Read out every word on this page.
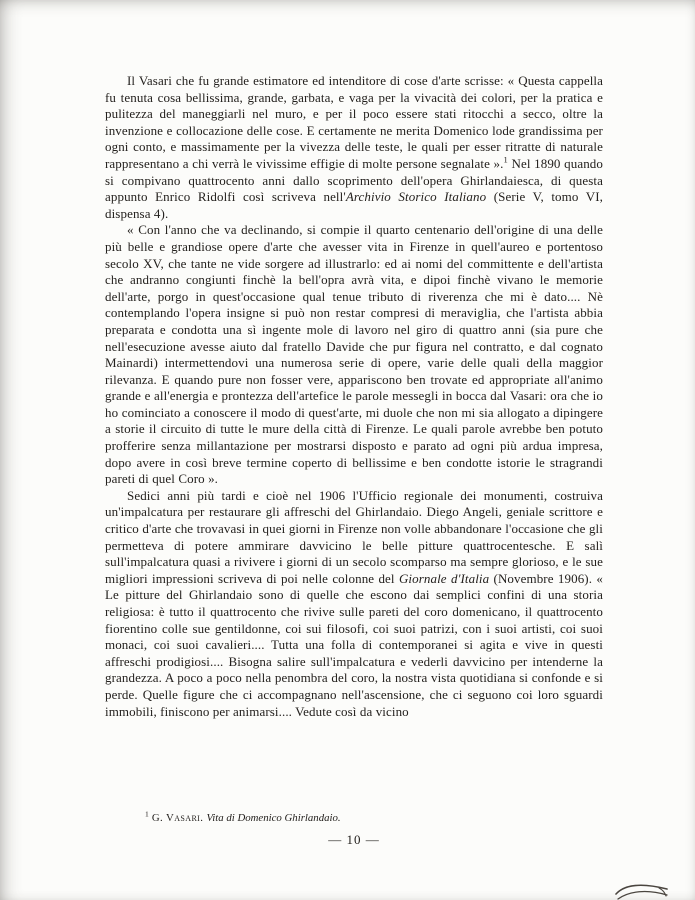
Il Vasari che fu grande estimatore ed intenditore di cose d'arte scrisse: « Questa cappella fu tenuta cosa bellissima, grande, garbata, e vaga per la vivacità dei colori, per la pratica e pulitezza del maneggiarli nel muro, e per il poco essere stati ritocchi a secco, oltre la invenzione e collocazione delle cose. E certamente ne merita Domenico lode grandissima per ogni conto, e massimamente per la vivezza delle teste, le quali per esser ritratte di naturale rappresentano a chi verrà le vivissime effigie di molte persone segnalate ».$^1$ Nel 1890 quando si compivano quattrocento anni dallo scoprimento dell'opera Ghirlandaiesca, di questa appunto Enrico Ridolfi così scriveva nell'Archivio Storico Italiano (Serie V, tomo VI, dispensa 4).

« Con l'anno che va declinando, si compie il quarto centenario dell'origine di una delle più belle e grandiose opere d'arte che avesser vita in Firenze in quell'aureo e portentoso secolo XV, che tante ne vide sorgere ad illustrarlo: ed ai nomi del committente e dell'artista che andranno congiunti finchè la bell'opra avrà vita, e dipoi finchè vivano le memorie dell'arte, porgo in quest'occasione qual tenue tributo di riverenza che mi è dato.... Nè contemplando l'opera insigne si può non restar compresi di meraviglia, che l'artista abbia preparata e condotta una sì ingente mole di lavoro nel giro di quattro anni (sia pure che nell'esecuzione avesse aiuto dal fratello Davide che pur figura nel contratto, e dal cognato Mainardi) intermettendovi una numerosa serie di opere, varie delle quali della maggior rilevanza. E quando pure non fosser vere, appariscono ben trovate ed appropriate all'animo grande e all'energia e prontezza dell'artefice le parole messegli in bocca dal Vasari: ora che io ho cominciato a conoscere il modo di quest'arte, mi duole che non mi sia allogato a dipingere a storie il circuito di tutte le mure della città di Firenze. Le quali parole avrebbe ben potuto profferire senza millantazione per mostrarsi disposto e parato ad ogni più ardua impresa, dopo avere in così breve termine coperto di bellissime e ben condotte istorie le stragrandi pareti di quel Coro ».

Sedici anni più tardi e cioè nel 1906 l'Ufficio regionale dei monumenti, costruiva un'impalcatura per restaurare gli affreschi del Ghirlandaio. Diego Angeli, geniale scrittore e critico d'arte che trovavasi in quei giorni in Firenze non volle abbandonare l'occasione che gli permetteva di potere ammirare davvicino le belle pitture quattrocentesche. E salì sull'impalcatura quasi a rivivere i giorni di un secolo scomparso ma sempre glorioso, e le sue migliori impressioni scriveva di poi nelle colonne del Giornale d'Italia (Novembre 1906). « Le pitture del Ghirlandaio sono di quelle che escono dai semplici confini di una storia religiosa: è tutto il quattrocento che rivive sulle pareti del coro domenicano, il quattrocento fiorentino colle sue gentildonne, coi sui filosofi, coi suoi patrizi, con i suoi artisti, coi suoi monaci, coi suoi cavalieri.... Tutta una folla di contemporanei si agita e vive in questi affreschi prodigiosi.... Bisogna salire sull'impalcatura e vederli davvicino per intenderne la grandezza. A poco a poco nella penombra del coro, la nostra vista quotidiana si confonde e si perde. Quelle figure che ci accompagnano nell'ascensione, che ci seguono coi loro sguardi immobili, finiscono per animarsi.... Vedute così da vicino

$^1$ G. Vasari. Vita di Domenico Ghirlandaio.
— 10 —
